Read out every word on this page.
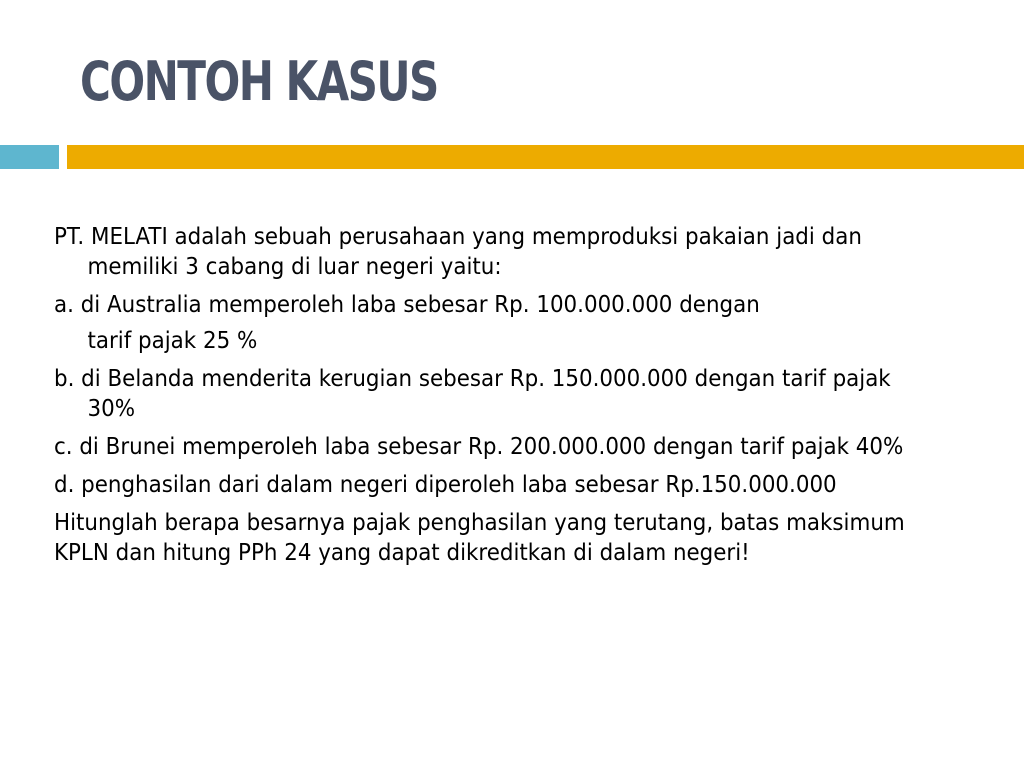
CONTOH KASUS

PT. MELATI adalah sebuah perusahaan yang memproduksi pakaian jadi dan memiliki 3 cabang di luar negeri yaitu:

a. di Australia memperoleh laba sebesar Rp. 100.000.000 dengan

tarif pajak 25 %

b. di Belanda menderita kerugian sebesar Rp. 150.000.000 dengan tarif pajak 30%

c. di Brunei memperoleh laba sebesar Rp. 200.000.000 dengan tarif pajak 40%

d. penghasilan dari dalam negeri diperoleh laba sebesar Rp.150.000.000

Hitunglah berapa besarnya pajak penghasilan yang terutang, batas maksimum KPLN dan hitung PPh 24 yang dapat dikreditkan di dalam negeri!
